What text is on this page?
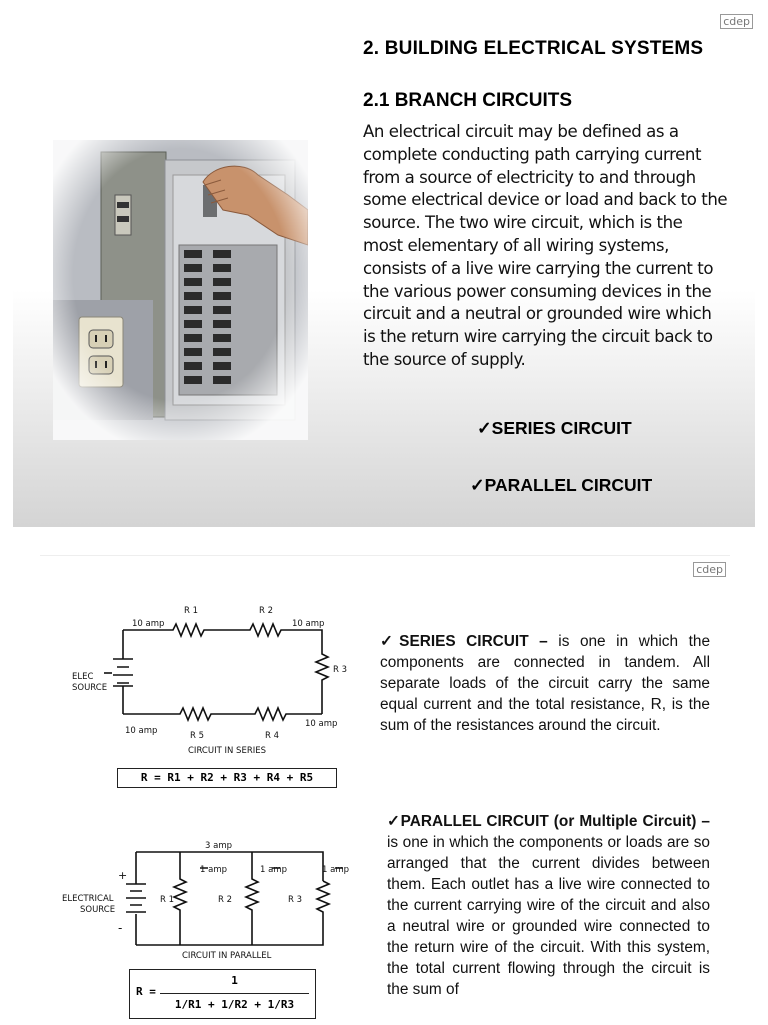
cdep
2. BUILDING ELECTRICAL SYSTEMS
2.1 BRANCH CIRCUITS
An electrical circuit may be defined as a
complete conducting path carrying current
from a source of electricity to and through
some electrical device or load and back to the
source. The two wire circuit, which is the
most elementary of all wiring systems,
consists of a live wire carrying the current to
the various power consuming devices in the
circuit and a neutral or grounded wire which
is the return wire carrying the circuit back to
the source of supply.
✓SERIES CIRCUIT
✓PARALLEL CIRCUIT
cdep
R 1	R 2
R 3
R 5	R 4
10 amp	10 amp
10 amp
10 amp
ELEC
SOURCE
CIRCUIT IN SERIES
3 amp
1 amp	1 amp	1 amp
R 1	R 2	R 3
+
-
ELECTRICAL
SOURCE
CIRCUIT IN PARALLEL
R = R1 + R2 + R3 + R4 + R5
R =
1
1/R1 + 1/R2 + 1/R3
✓SERIES CIRCUIT – is one in which the components are connected in tandem. All separate loads of the circuit carry the same equal current and the total resistance, R, is the sum of the resistances around the circuit.
✓PARALLEL CIRCUIT (or Multiple Circuit) – is one in which the components or loads are so arranged that the current divides between them. Each outlet has a live wire connected to the current carrying wire of the circuit and also a neutral wire or grounded wire connected to the return wire of the circuit. With this system, the total current flowing through the circuit is the sum of
